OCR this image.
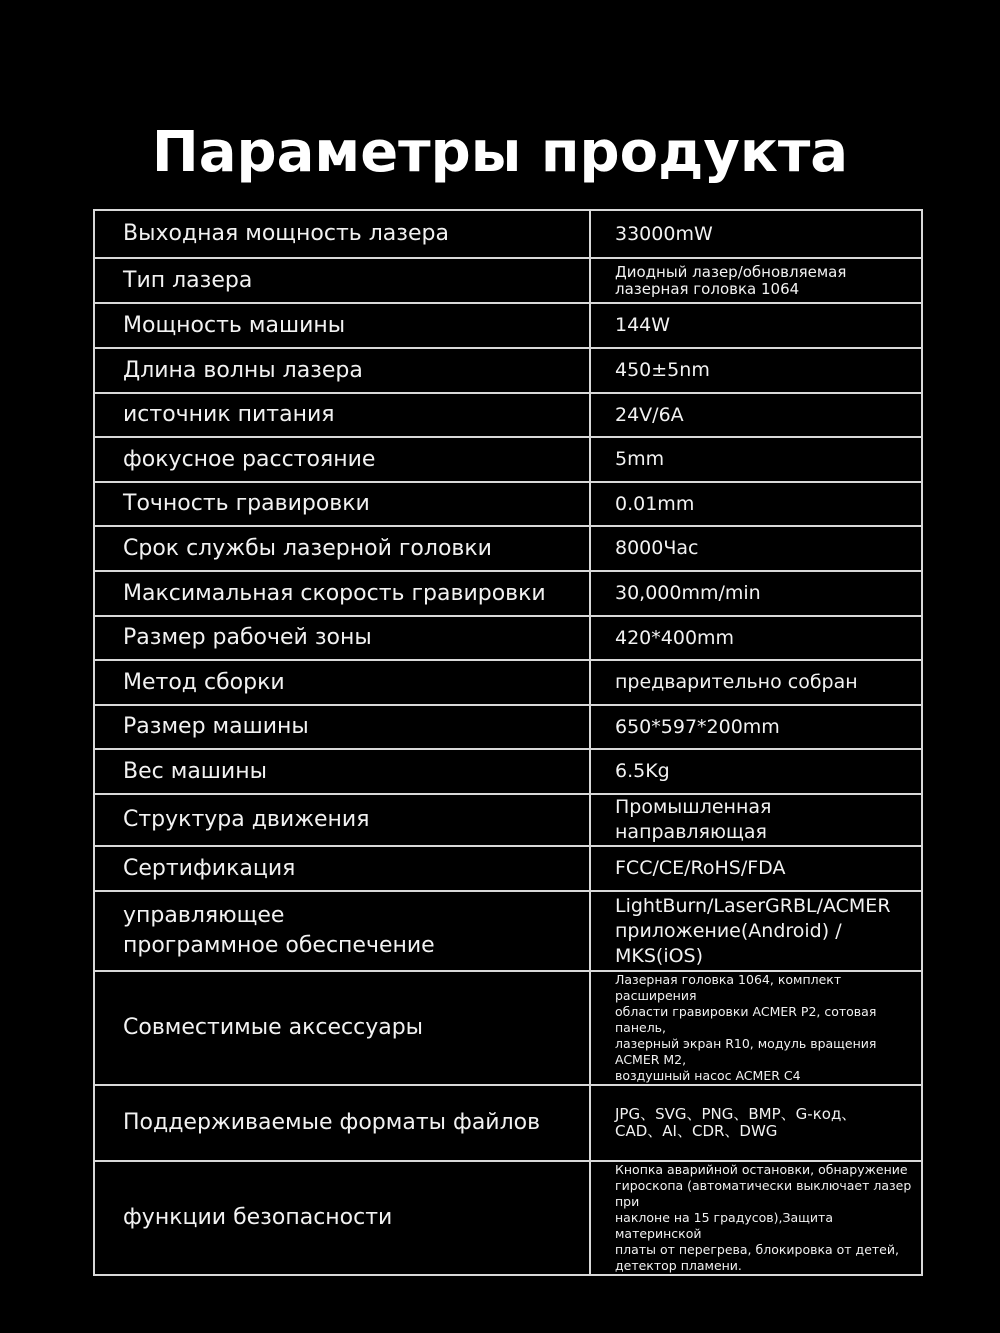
Параметры продукта
Выходная мощность лазера	33000mW
Тип лазера	Диодный лазер/обновляемая
лазерная головка 1064

Мощность машины	144W
Длина волны лазера	450±5nm
источник питания	24V/6A
фокусное расстояние	5mm
Точность гравировки	0.01mm
Срок службы лазерной головки	8000Час
Максимальная скорость гравировки	30,000mm/min
Размер рабочей зоны	420*400mm
Метод сборки	предварительно собран
Размер машины	650*597*200mm
Вес машины	6.5Kg
Структура движения	Промышленная направляющая
Сертификация	FCC/CE/RoHS/FDA

управляющее
программное обеспечение	LightBurn/LaserGRBL/ACMER
приложение(Android) / MKS(iOS)

Совместимые аксессуары	Лазерная головка 1064, комплект расширения
области гравировки ACMER P2, сотовая панель,
лазерный экран R10, модуль вращения ACMER M2,
воздушный насос ACMER C4

Поддерживаемые форматы файлов	JPG、SVG、PNG、BMP、G-код、
CAD、AI、CDR、DWG

функции безопасности	Кнопка аварийной остановки, обнаружение
гироскопа (автоматически выключает лазер при
наклоне на 15 градусов),Защита материнской
платы от перегрева, блокировка от детей,
детектор пламени.
